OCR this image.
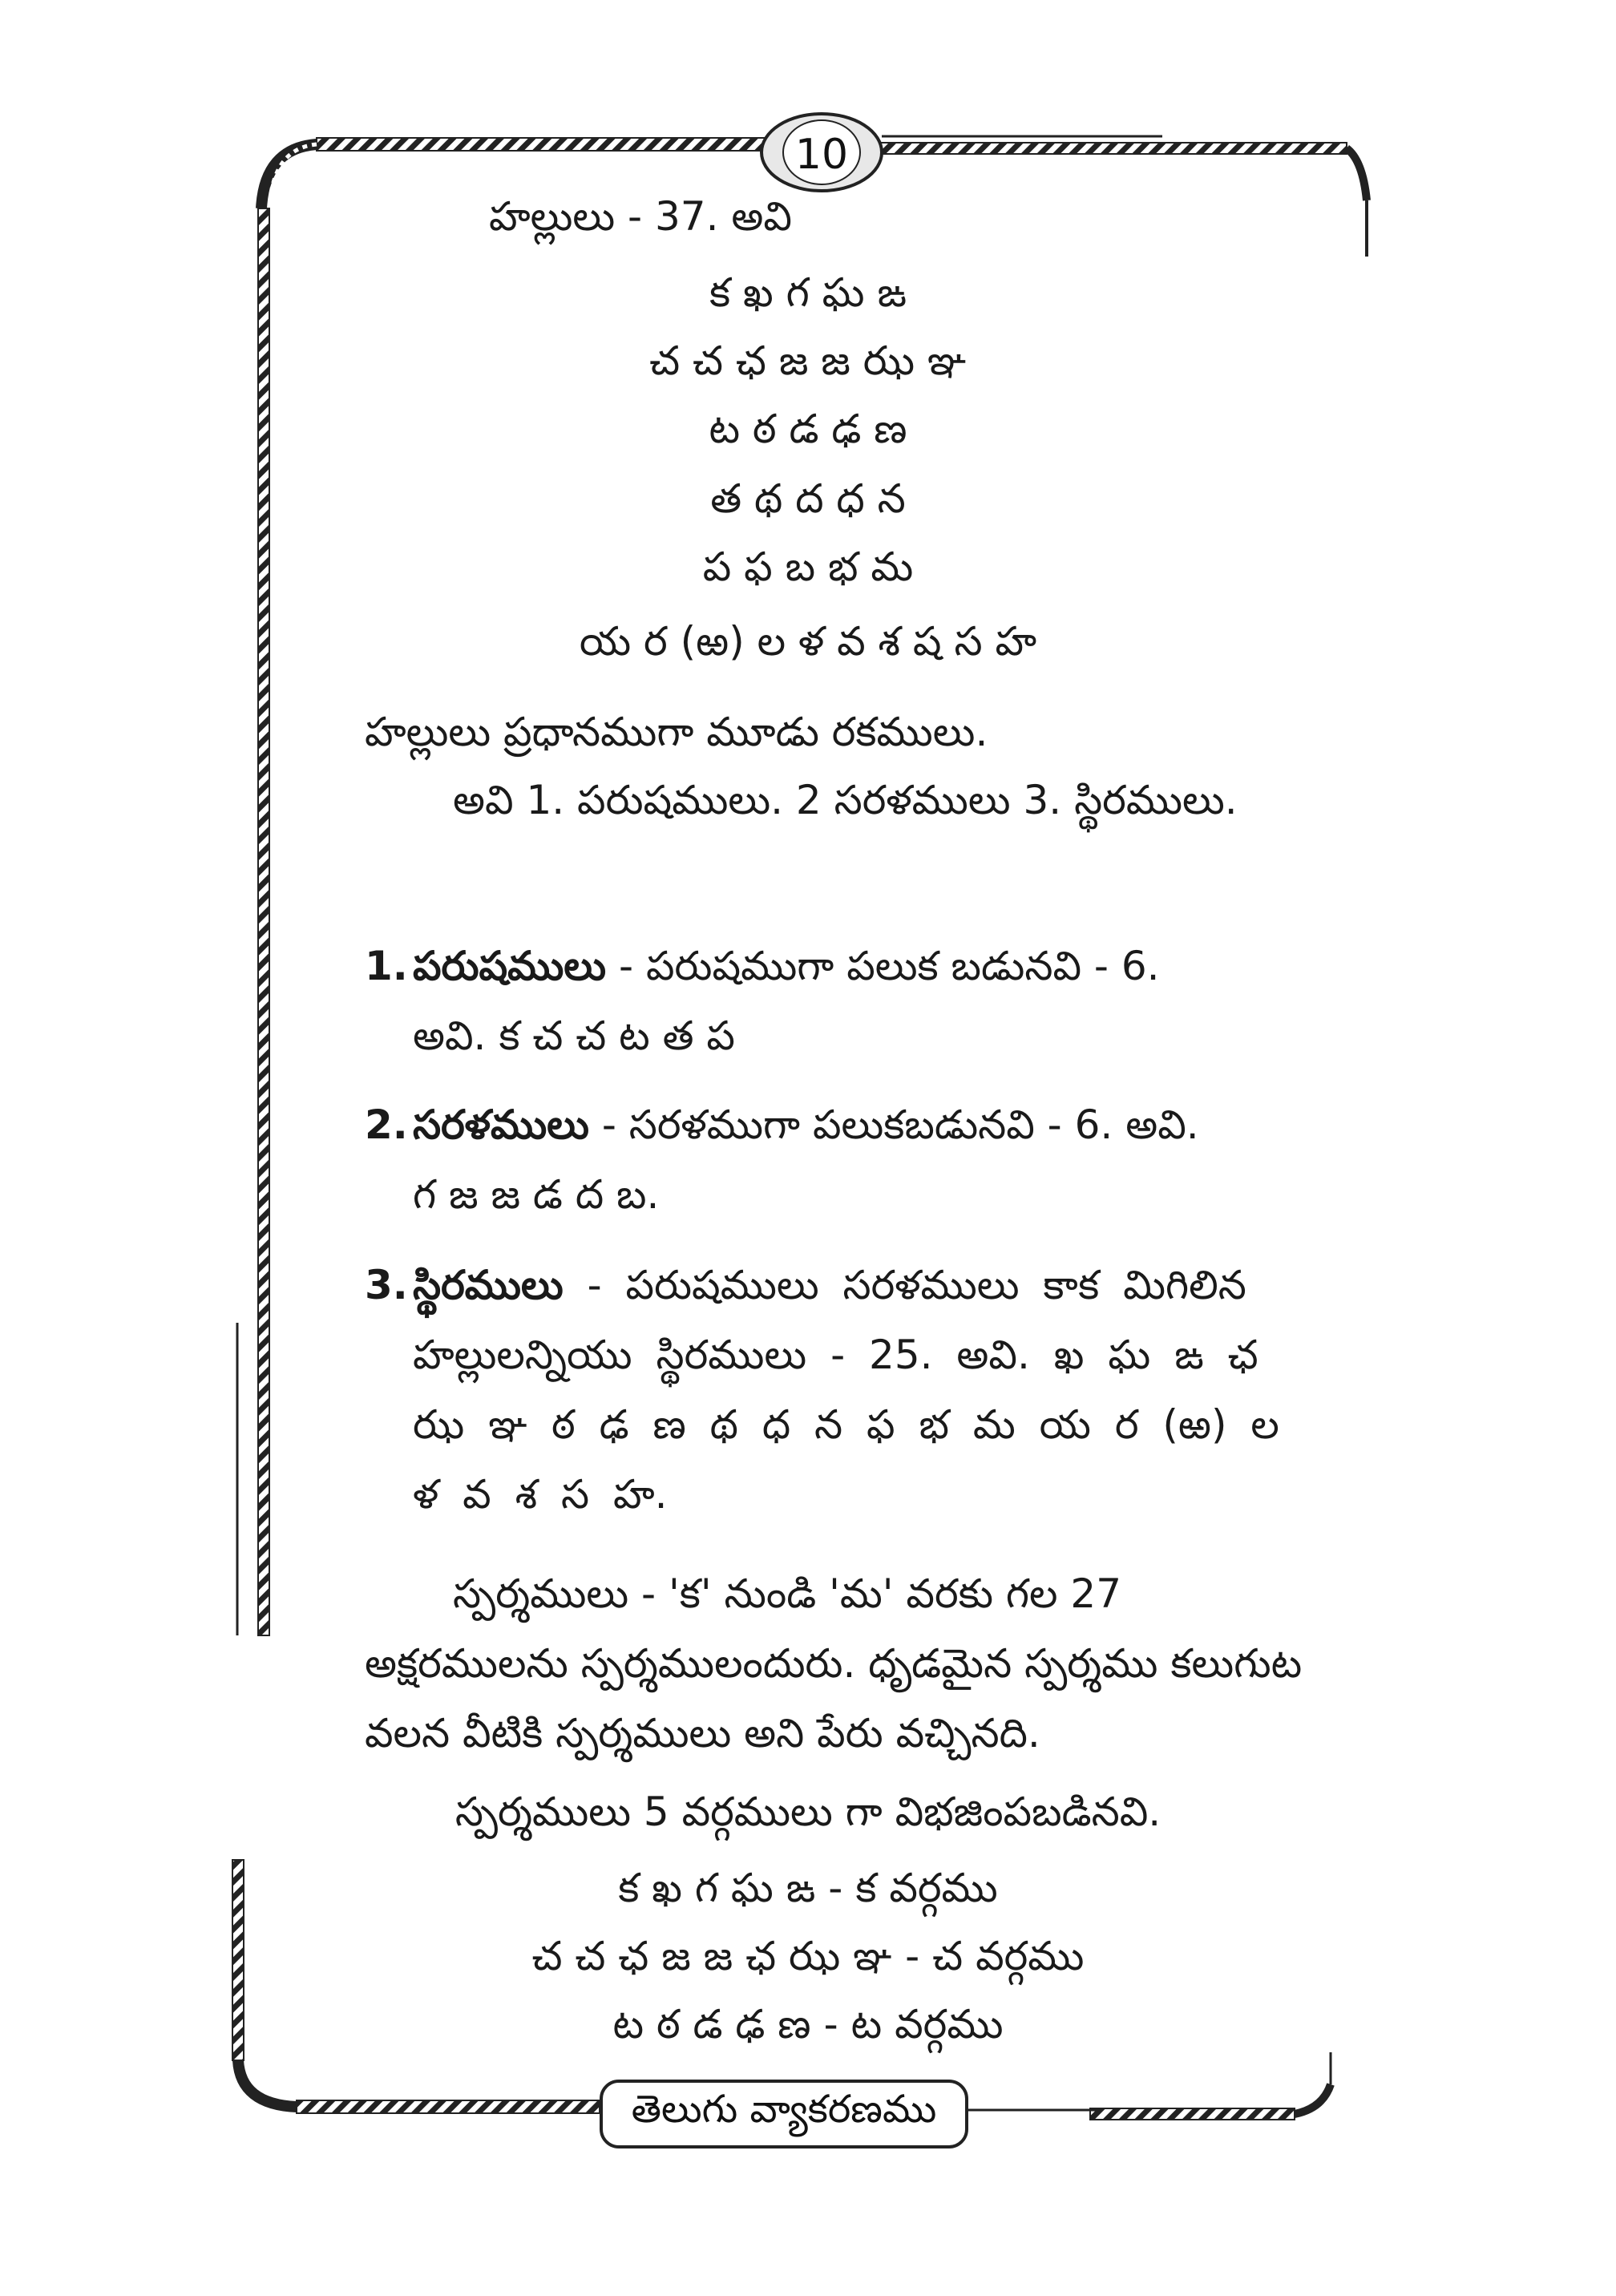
10
హల్లులు - 37. అవి
క ఖ గ ఘ ఙ
చ చ ఛ జ జ ఝ ఞ
ట ఠ డ ఢ ణ
త థ ద ధ న
ప ఫ బ భ మ
య ర (ఱ) ల ళ వ శ ష స హ
హల్లులు ప్రధానముగా మూడు రకములు.
అవి 1. పరుషములు. 2 సరళములు 3. స్థిరములు.
1. పరుషములు - పరుషముగా పలుక బడునవి - 6.
అవి. క చ చ ట త ప
2. సరళములు - సరళముగా పలుకబడునవి - 6. అవి.
గ జ జ డ ద బ.
3. స్థిరములు - పరుషములు సరళములు కాక మిగిలిన హల్లులన్నియు స్థిరములు - 25. అవి. ఖ ఘ ఙ ఛ ఝ ఞ ఠ ఢ ణ థ ధ న ఫ భ మ య ర (ఱ) ల ళ వ శ స హ.
స్పర్శములు - 'క' నుండి 'మ' వరకు గల 27 అక్షరములను స్పర్శములందురు. ధృడమైన స్పర్శము కలుగుట వలన వీటికి స్పర్శములు అని పేరు వచ్చినది.
స్పర్శములు 5 వర్గములు గా విభజింపబడినవి.
క ఖ గ ఘ ఙ - క వర్గము
చ చ ఛ జ జ ఛ ఝ ఞ - చ వర్గము
ట ఠ డ ఢ ణ - ట వర్గము
తెలుగు వ్యాకరణము
